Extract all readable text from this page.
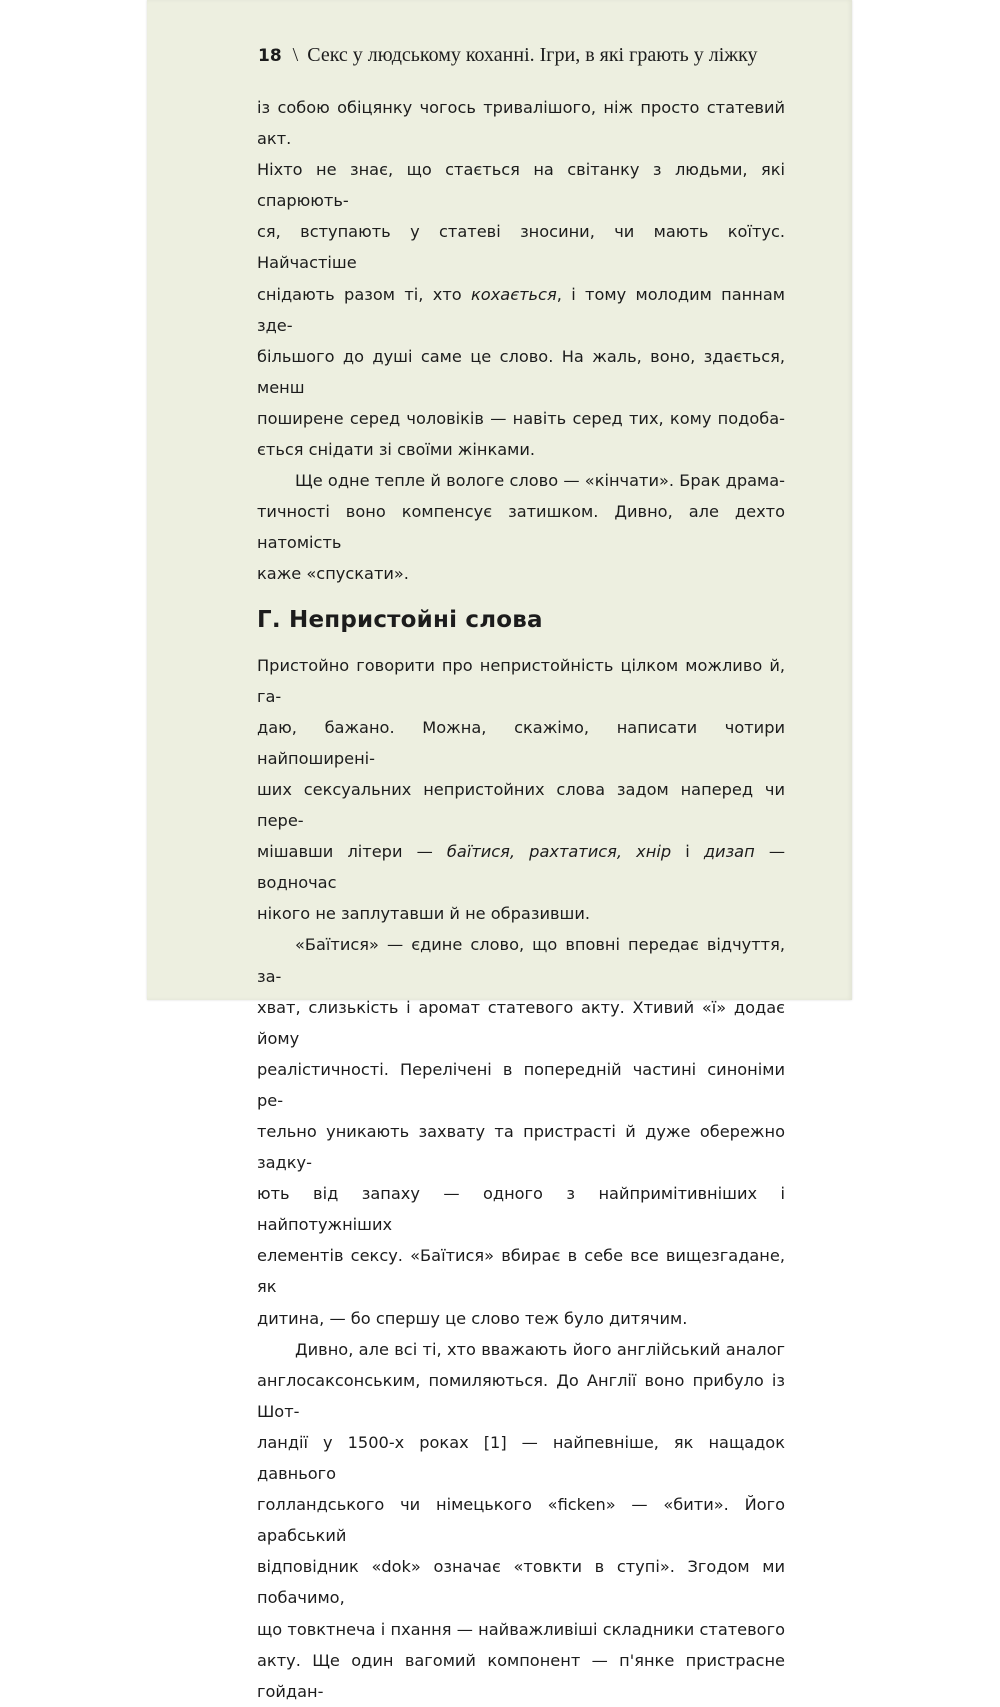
18 \ Секс у людському коханні. Ігри, в які грають у ліжку

із собою обіцянку чогось тривалішого, ніж просто статевий акт.

Ніхто не знає, що стається на світанку з людьми, які спарюють-

ся, вступають у статеві зносини, чи мають коїтус. Найчастіше

снідають разом ті, хто кохається, і тому молодим паннам зде-

більшого до душі саме це слово. На жаль, воно, здається, менш

поширене серед чоловіків — навіть серед тих, кому подоба-

ється снідати зі своїми жінками.

Ще одне тепле й вологе слово — «кінчати». Брак драма-

тичності воно компенсує затишком. Дивно, але дехто натомість

каже «спускати».

Г. Непристойні слова

Пристойно говорити про непристойність цілком можливо й, га-

даю, бажано. Можна, скажімо, написати чотири найпоширені-

ших сексуальних непристойних слова задом наперед чи пере-

мішавши літери — баїтися, рахтатися, хнір і дизап — водночас

нікого не заплутавши й не образивши.

«Баїтися» — єдине слово, що вповні передає відчуття, за-

хват, слизькість і аромат статевого акту. Хтивий «ї» додає йому

реалістичності. Перелічені в попередній частині синоніми ре-

тельно уникають захвату та пристрасті й дуже обережно задку-

ють від запаху — одного з найпримітивніших і найпотужніших

елементів сексу. «Баїтися» вбирає в себе все вищезгадане, як

дитина, — бо спершу це слово теж було дитячим.

Дивно, але всі ті, хто вважають його англійський аналог

англосаксонським, помиляються. До Англії воно прибуло із Шот-

ландії у 1500-х роках [1] — найпевніше, як нащадок давнього

голландського чи німецького «ficken» — «бити». Його арабський

відповідник «dok» означає «товкти в ступі». Згодом ми побачимо,

що товктнеча і пхання — найважливіші складники статевого

акту. Ще один вагомий компонент — п'янке пристрасне гойдан-
